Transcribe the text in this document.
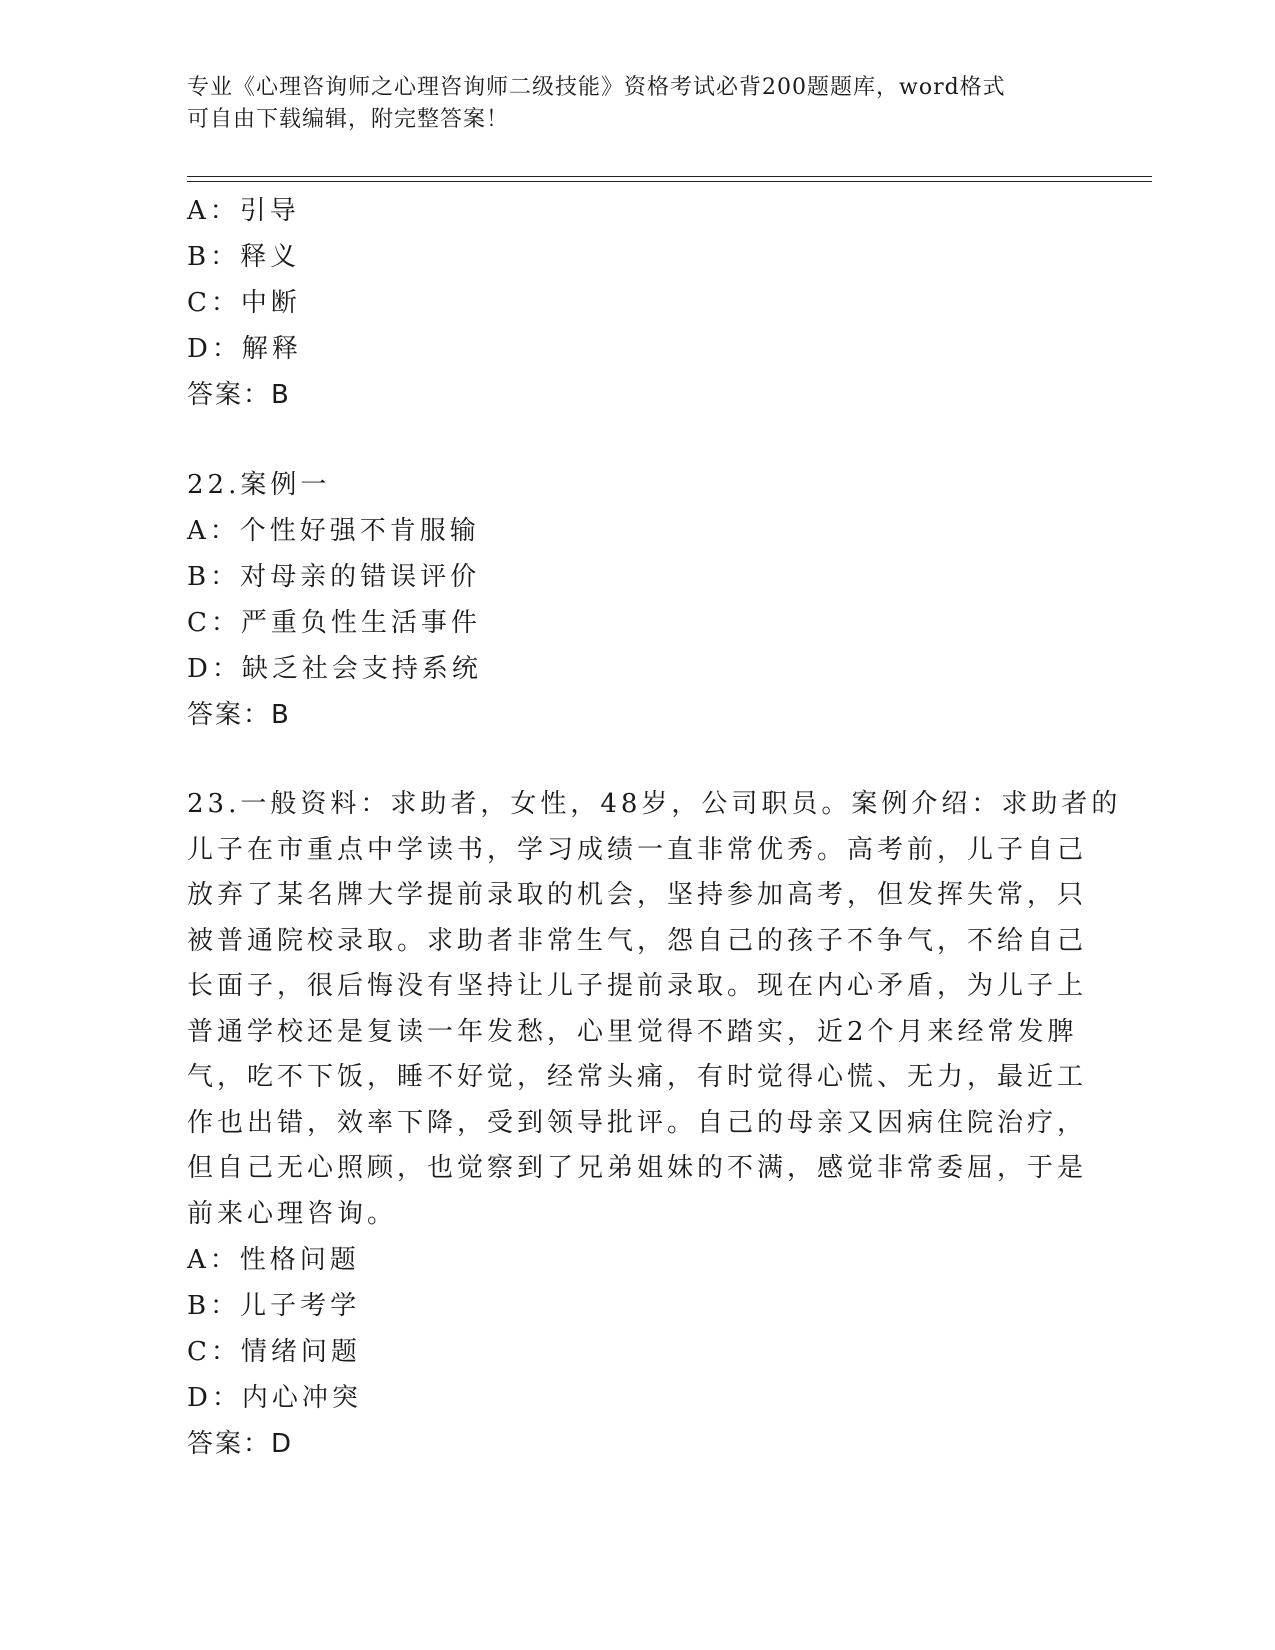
专业《心理咨询师之心理咨询师二级技能》资格考试必背200题题库，word格式
可自由下载编辑，附完整答案！
A：引导
B：释义
C：中断
D：解释
答案：B
22.案例一
A：个性好强不肯服输
B：对母亲的错误评价
C：严重负性生活事件
D：缺乏社会支持系统
答案：B
23.一般资料：求助者，女性，48岁，公司职员。案例介绍：求助者的
儿子在市重点中学读书，学习成绩一直非常优秀。高考前，儿子自己
放弃了某名牌大学提前录取的机会，坚持参加高考，但发挥失常，只
被普通院校录取。求助者非常生气，怨自己的孩子不争气，不给自己
长面子，很后悔没有坚持让儿子提前录取。现在内心矛盾，为儿子上
普通学校还是复读一年发愁，心里觉得不踏实，近2个月来经常发脾
气，吃不下饭，睡不好觉，经常头痛，有时觉得心慌、无力，最近工
作也出错，效率下降，受到领导批评。自己的母亲又因病住院治疗，
但自己无心照顾，也觉察到了兄弟姐妹的不满，感觉非常委屈，于是
前来心理咨询。
A：性格问题
B：儿子考学
C：情绪问题
D：内心冲突
答案：D
